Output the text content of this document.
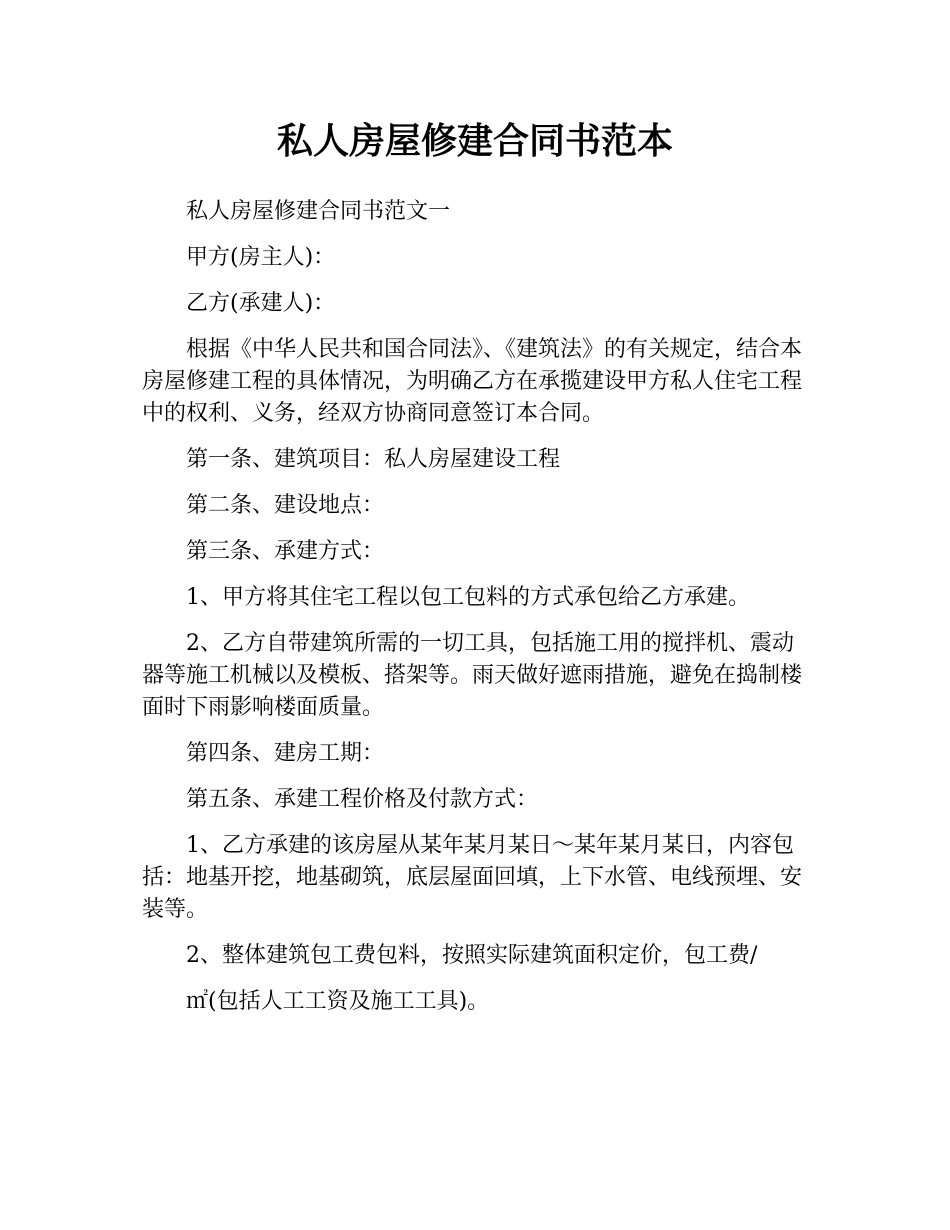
私人房屋修建合同书范本

私人房屋修建合同书范文一

甲方(房主人)：

乙方(承建人)：

根据《中华人民共和国合同法》、《建筑法》的有关规定，结合本房屋修建工程的具体情况，为明确乙方在承揽建设甲方私人住宅工程中的权利、义务，经双方协商同意签订本合同。

第一条、建筑项目：私人房屋建设工程

第二条、建设地点：

第三条、承建方式：

1、甲方将其住宅工程以包工包料的方式承包给乙方承建。

2、乙方自带建筑所需的一切工具，包括施工用的搅拌机、震动器等施工机械以及模板、搭架等。雨天做好遮雨措施，避免在捣制楼面时下雨影响楼面质量。

第四条、建房工期：

第五条、承建工程价格及付款方式：

1、乙方承建的该房屋从某年某月某日～某年某月某日，内容包括：地基开挖，地基砌筑，底层屋面回填，上下水管、电线预埋、安装等。

2、整体建筑包工费包料，按照实际建筑面积定价，包工费/

㎡(包括人工工资及施工工具)。
